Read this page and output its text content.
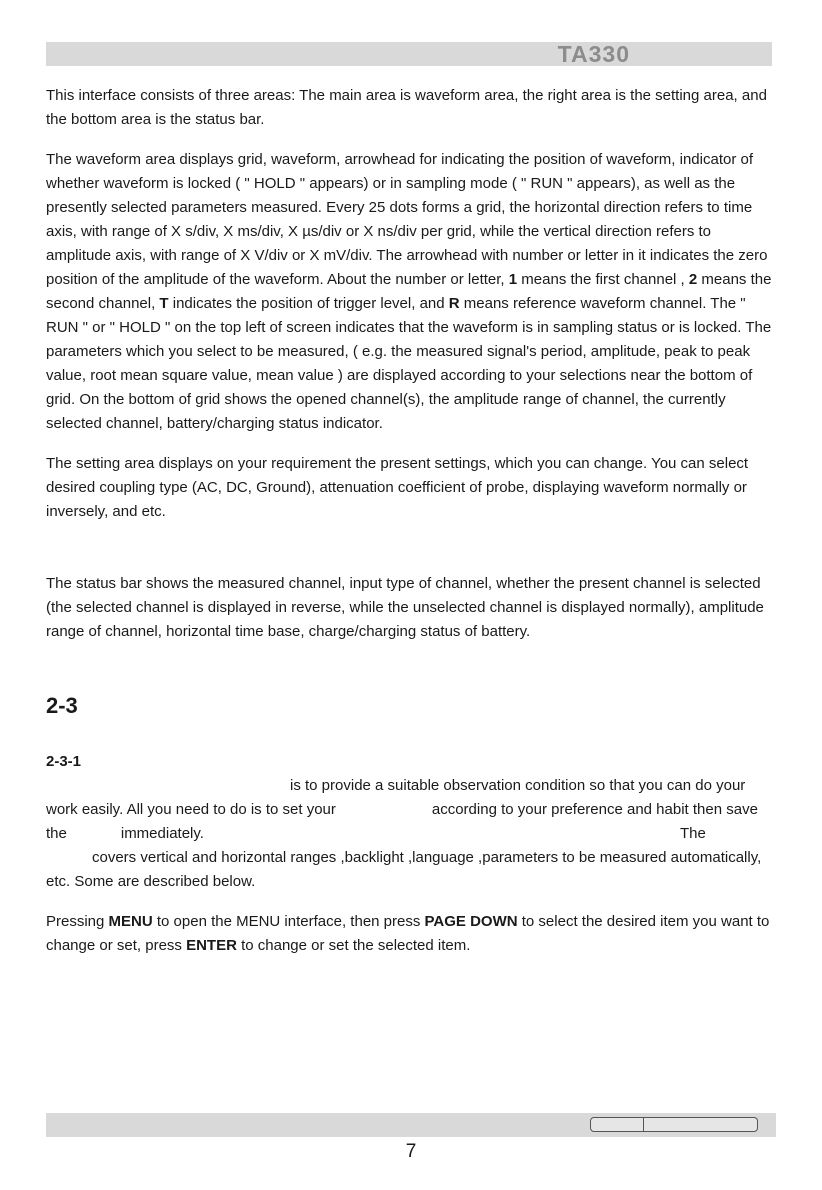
TA330

This interface consists of three areas: The main area is waveform area, the right area is the setting area, and the bottom area is the status bar.

The waveform area displays grid, waveform, arrowhead for indicating the position of waveform, indicator of whether waveform is locked ( " HOLD " appears) or in sampling mode ( " RUN " appears), as well as the presently selected parameters measured. Every 25 dots forms a grid, the horizontal direction refers to time axis, with range of X s/div, X ms/div, X µs/div or X ns/div per grid, while the vertical direction refers to amplitude axis, with range of X V/div or X mV/div. The arrowhead with number or letter in it indicates the zero position of the amplitude of the waveform. About the number or letter, 1 means the first channel , 2 means the second channel, T indicates the position of trigger level, and R means reference waveform channel. The " RUN " or " HOLD " on the top left of screen indicates that the waveform is in sampling status or is locked. The parameters which you select to be measured, ( e.g. the measured signal's period, amplitude, peak to peak value, root mean square value, mean value ) are displayed according to your selections near the bottom of grid. On the bottom of grid shows the opened channel(s), the amplitude range of channel, the currently selected channel, battery/charging status indicator.

The setting area displays on your requirement the present settings, which you can change. You can select desired coupling type (AC, DC, Ground), attenuation coefficient of probe, displaying waveform normally or inversely, and etc.

The status bar shows the measured channel, input type of channel, whether the present channel is selected (the selected channel is displayed in reverse, while the unselected channel is displayed normally), amplitude range of channel, horizontal time base, charge/charging status of battery.

2-3
2-3-1

is to provide a suitable observation condition so that you can do your work easily. All you need to do is to set your	according to your preference and habit then save the	immediately.	The
covers vertical and horizontal ranges ,backlight ,language ,parameters to be measured automatically, etc. Some are described below.

Pressing MENU to open the MENU interface, then press PAGE DOWN to select the desired item you want to change or set, press ENTER to change or set the selected item.

7
